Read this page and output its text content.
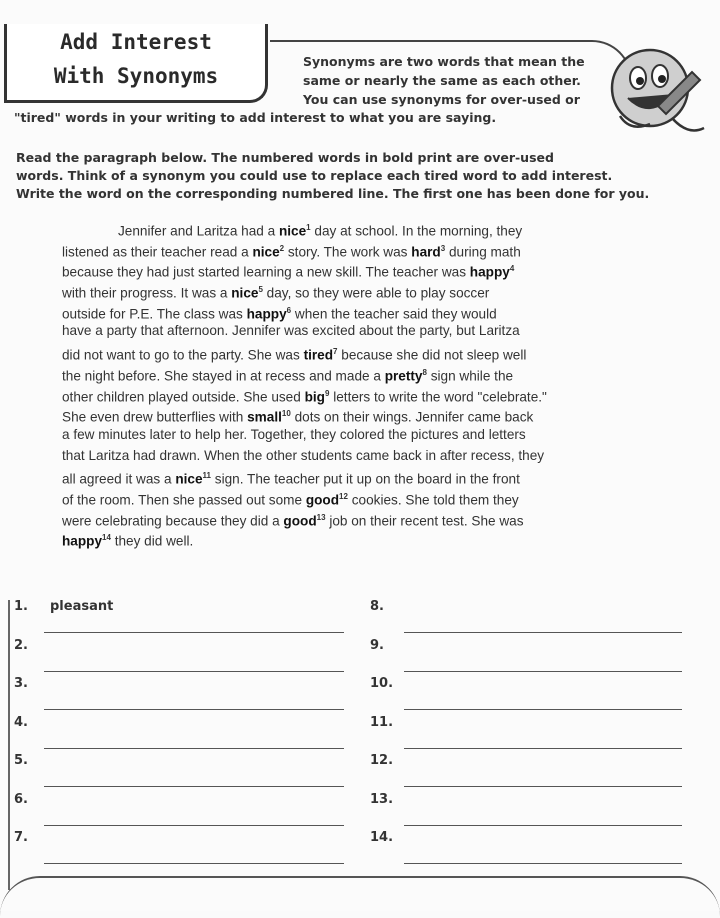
Add Interest
With Synonyms
Synonyms are two words that mean the
same or nearly the same as each other.
You can use synonyms for over-used or
"tired" words in your writing to add interest to what you are saying.
Read the paragraph below. The numbered words in bold print are over-used
words. Think of a synonym you could use to replace each tired word to add interest.
Write the word on the corresponding numbered line. The first one has been done for you.
Jennifer and Laritza had a nice$^1$ day at school. In the morning, they
listened as their teacher read a nice$^2$ story. The work was hard$^3$ during math
because they had just started learning a new skill. The teacher was happy$^4$
with their progress. It was a nice$^5$ day, so they were able to play soccer
outside for P.E. The class was happy$^6$ when the teacher said they would
have a party that afternoon. Jennifer was excited about the party, but Laritza
did not want to go to the party. She was tired$^7$ because she did not sleep well
the night before. She stayed in at recess and made a pretty$^8$ sign while the
other children played outside. She used big$^9$ letters to write the word "celebrate."
She even drew butterflies with small$^{10}$ dots on their wings. Jennifer came back
a few minutes later to help her. Together, they colored the pictures and letters
that Laritza had drawn. When the other students came back in after recess, they
all agreed it was a nice$^{11}$ sign. The teacher put it up on the board in the front
of the room. Then she passed out some good$^{12}$ cookies. She told them they
were celebrating because they did a good$^{13}$ job on their recent test. She was
happy$^{14}$ they did well.
1. pleasant
2.
3.
4.
5.
6.
7.
8.
9.
10.
11.
12.
13.
14.
